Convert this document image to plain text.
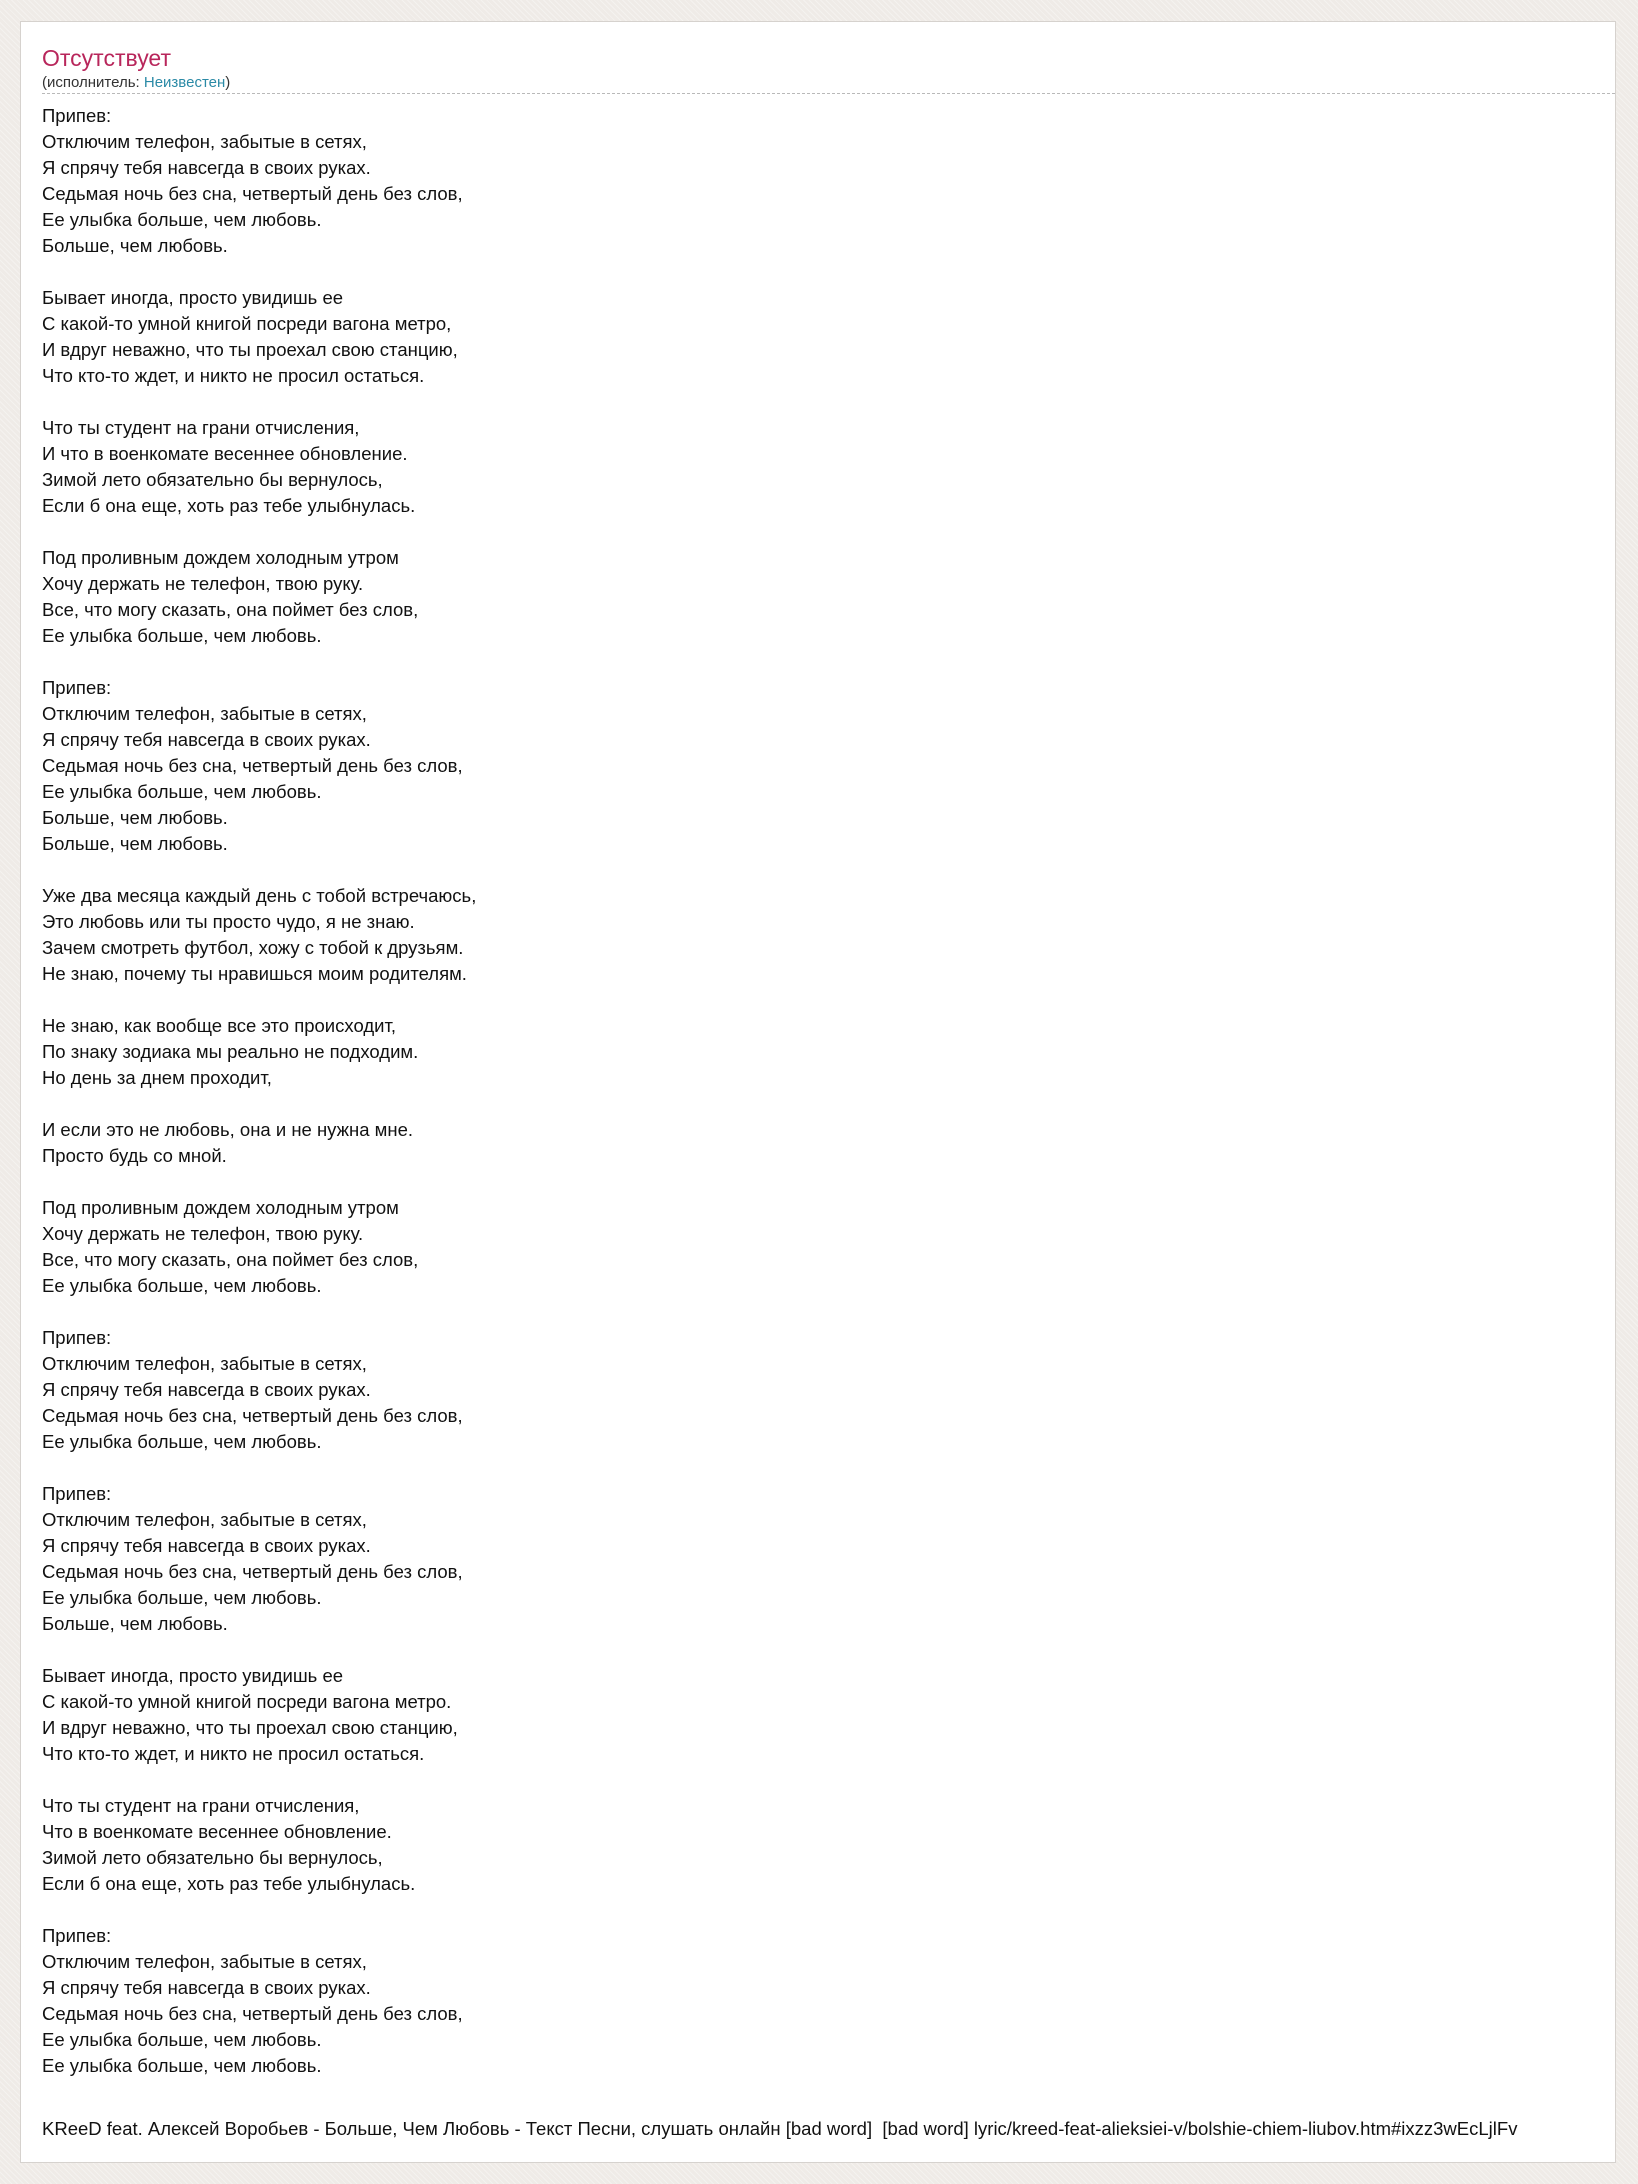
Отсутствует

(исполнитель: Неизвестен)

Припев:
Отключим телефон, забытые в сетях,
Я спрячу тебя навсегда в своих руках.
Седьмая ночь без сна, четвертый день без слов,
Ее улыбка больше, чем любовь.
Больше, чем любовь.
Бывает иногда, просто увидишь ее
С какой-то умной книгой посреди вагона метро,
И вдруг неважно, что ты проехал свою станцию,
Что кто-то ждет, и никто не просил остаться.
Что ты студент на грани отчисления,
И что в военкомате весеннее обновление.
Зимой лето обязательно бы вернулось,
Если б она еще, хоть раз тебе улыбнулась.
Под проливным дождем холодным утром
Хочу держать не телефон, твою руку.
Все, что могу сказать, она поймет без слов,
Ее улыбка больше, чем любовь.
Припев:
Отключим телефон, забытые в сетях,
Я спрячу тебя навсегда в своих руках.
Седьмая ночь без сна, четвертый день без слов,
Ее улыбка больше, чем любовь.
Больше, чем любовь.
Больше, чем любовь.
Уже два месяца каждый день с тобой встречаюсь,
Это любовь или ты просто чудо, я не знаю.
Зачем смотреть футбол, хожу с тобой к друзьям.
Не знаю, почему ты нравишься моим родителям.
Не знаю, как вообще все это происходит,
По знаку зодиака мы реально не подходим.
Но день за днем проходит,
И если это не любовь, она и не нужна мне.
Просто будь со мной.
Под проливным дождем холодным утром
Хочу держать не телефон, твою руку.
Все, что могу сказать, она поймет без слов,
Ее улыбка больше, чем любовь.
Припев:
Отключим телефон, забытые в сетях,
Я спрячу тебя навсегда в своих руках.
Седьмая ночь без сна, четвертый день без слов,
Ее улыбка больше, чем любовь.
Припев:
Отключим телефон, забытые в сетях,
Я спрячу тебя навсегда в своих руках.
Седьмая ночь без сна, четвертый день без слов,
Ее улыбка больше, чем любовь.
Больше, чем любовь.
Бывает иногда, просто увидишь ее
С какой-то умной книгой посреди вагона метро.
И вдруг неважно, что ты проехал свою станцию,
Что кто-то ждет, и никто не просил остаться.
Что ты студент на грани отчисления,
Что в военкомате весеннее обновление.
Зимой лето обязательно бы вернулось,
Если б она еще, хоть раз тебе улыбнулась.
Припев:
Отключим телефон, забытые в сетях,
Я спрячу тебя навсегда в своих руках.
Седьмая ночь без сна, четвертый день без слов,
Ее улыбка больше, чем любовь.
Ее улыбка больше, чем любовь.

KReeD feat. Алексей Воробьев - Больше, Чем Любовь - Текст Песни, слушать онлайн [bad word]  [bad word] lyric/kreed-feat-alieksiei-v/bolshie-chiem-liubov.htm#ixzz3wEcLjlFv
